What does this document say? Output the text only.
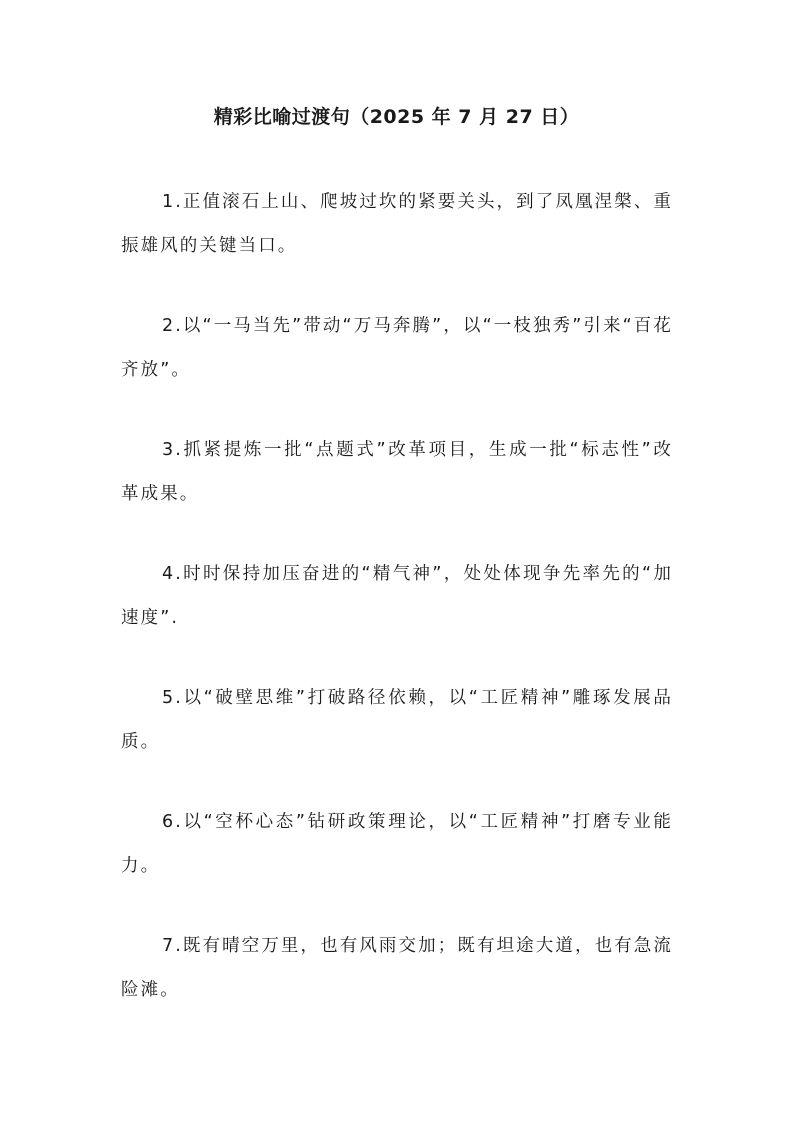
精彩比喻过渡句（2025 年 7 月 27 日）

1.正值滚石上山、爬坡过坎的紧要关头，到了凤凰涅槃、重振雄风的关键当口。

2.以“一马当先”带动“万马奔腾”，以“一枝独秀”引来“百花齐放”。

3.抓紧提炼一批“点题式”改革项目，生成一批“标志性”改革成果。

4.时时保持加压奋进的“精气神”，处处体现争先率先的“加速度”.

5.以“破壁思维”打破路径依赖，以“工匠精神”雕琢发展品质。

6.以“空杯心态”钻研政策理论，以“工匠精神”打磨专业能力。

7.既有晴空万里，也有风雨交加；既有坦途大道，也有急流险滩。
